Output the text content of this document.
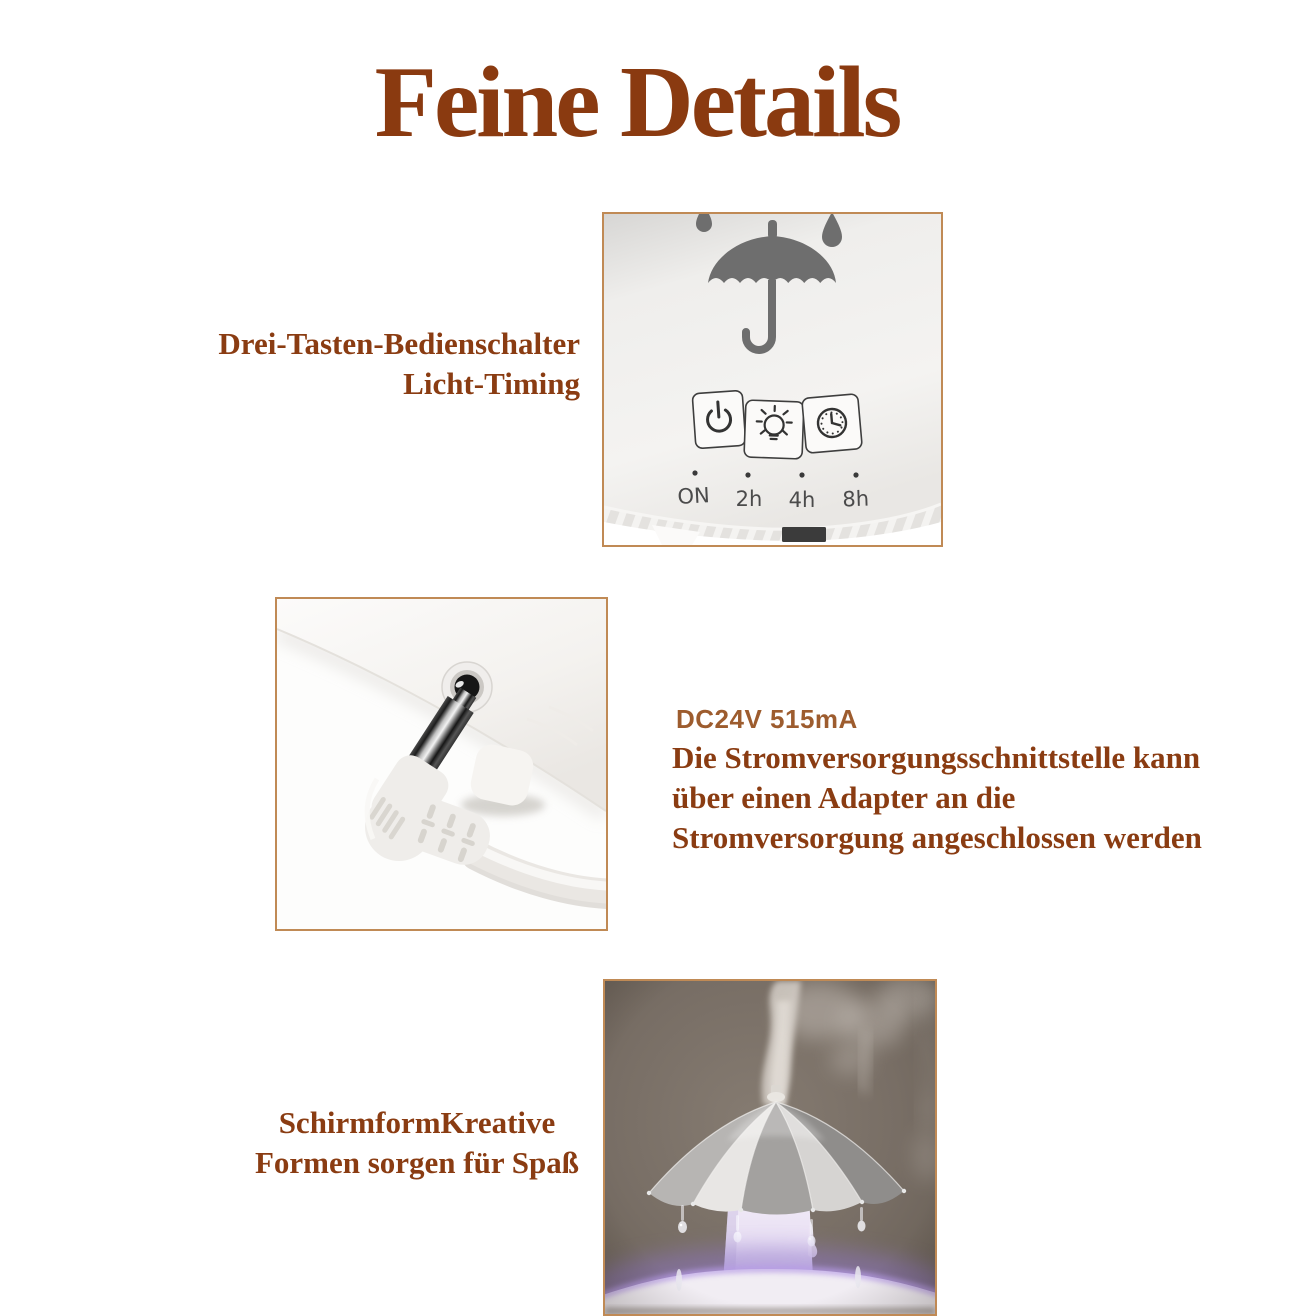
Feine Details
Drei-Tasten-Bedienschalter
Licht-Timing
ON 2h 4h 8h

DC24V 515mA

Die Stromversorgungsschnittstelle kann
über einen Adapter an die
Stromversorgung angeschlossen werden
SchirmformKreative
Formen sorgen für Spaß
